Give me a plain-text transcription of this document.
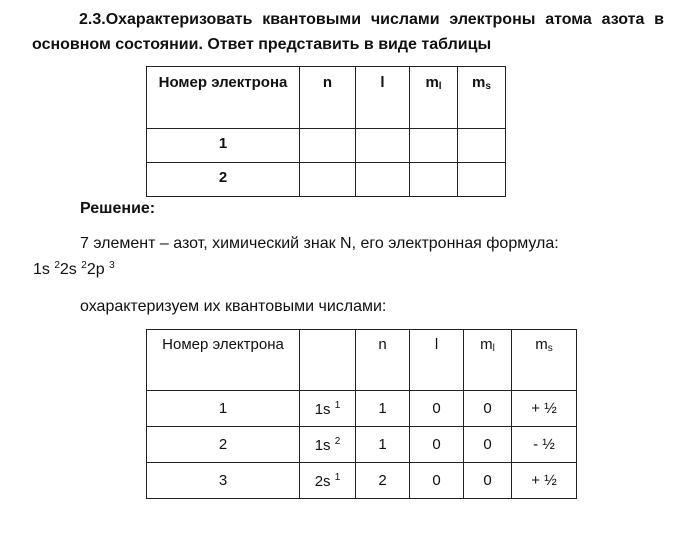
2.3.Охарактеризовать квантовыми числами электроны атома азота в основном состоянии. Ответ представить в виде таблицы
Номер электрона	n	l	$m_l$	$m_s$
1				
2				
Решение:
7 элемент – азот, химический знак N, его электронная формула:
1s $^2$2s $^2$2p $^3$
охарактеризуем их квантовыми числами:
Номер электрона		n	l	$m_l$	$m_s$
1	1s $^1$	1	0	0	+ ½
2	1s $^2$	1	0	0	- ½
3	2s $^1$	2	0	0	+ ½
